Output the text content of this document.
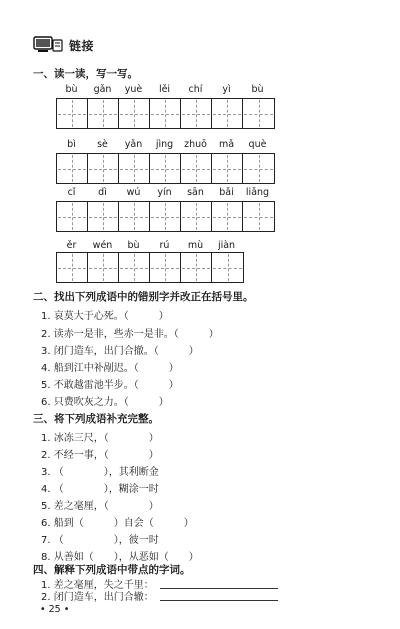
链接
一、读一读，写一写。
bù	gǎn	yuè	lěi	chí	yì	bù
bì	sè	yǎn	jìng	zhuō	mǎ	què
cǐ	dì	wú	yín	sān	bǎi	liǎng
ěr	wén	bù	rú	mù	jiàn
二、找出下列成语中的错别字并改正在括号里。
1. 哀莫大于心死。（　　　）
2. 读赤一是非，些赤一是非。（　　　）
3. 闭门造车，出门合撤。（　　　）
4. 船到江中补剐迟。（　　　）
5. 不敢越雷池半步。（　　　）
6. 只费吹灰之力。（　　　）
三、将下列成语补充完整。
1. 冰冻三尺，（　　　　）
2. 不经一事，（　　　　）
3. （　　　　），其利断金
4. （　　　　），糊涂一时
5. 差之毫厘，（　　　　）
6. 船到（　　　）自会（　　　）
7. （　　　　　），彼一时
8. 从善如（　　），从恶如（　　）
四、解释下列成语中带点的字词。
1. 差之毫厘，失之千里：
2. 闭门造车，出门合辙：
• 25 •
